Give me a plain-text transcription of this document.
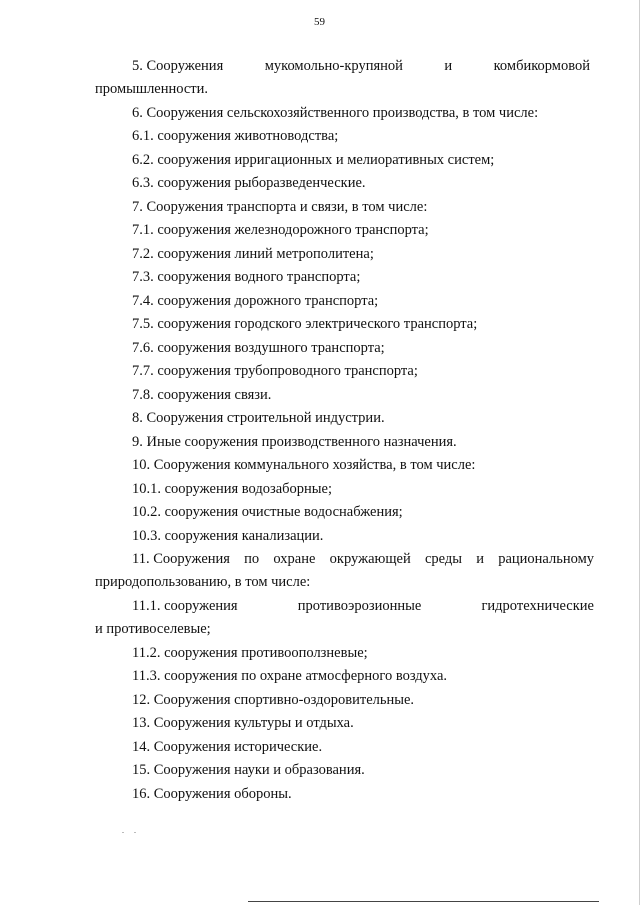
59
5. Сооружения	мукомольно-крупяной	и	комбикормовой
промышленности.
6. Сооружения сельскохозяйственного производства, в том числе:
6.1. сооружения животноводства;
6.2. сооружения ирригационных и мелиоративных систем;
6.3. сооружения рыборазведенческие.
7. Сооружения транспорта и связи, в том числе:
7.1. сооружения железнодорожного транспорта;
7.2. сооружения линий метрополитена;
7.3. сооружения водного транспорта;
7.4. сооружения дорожного транспорта;
7.5. сооружения городского электрического транспорта;
7.6. сооружения воздушного транспорта;
7.7. сооружения трубопроводного транспорта;
7.8. сооружения связи.
8. Сооружения строительной индустрии.
9. Иные сооружения производственного назначения.
10. Сооружения коммунального хозяйства, в том числе:
10.1. сооружения водозаборные;
10.2. сооружения очистные водоснабжения;
10.3. сооружения канализации.
11. Сооружения по охране окружающей среды и рациональному
природопользованию, в том числе:
11.1. сооружения	противоэрозионные	гидротехнические
и противоселевые;
11.2. сооружения противооползневые;
11.3. сооружения по охране атмосферного воздуха.
12. Сооружения спортивно-оздоровительные.
13. Сооружения культуры и отдыха.
14. Сооружения исторические.
15. Сооружения науки и образования.
16. Сооружения обороны.
